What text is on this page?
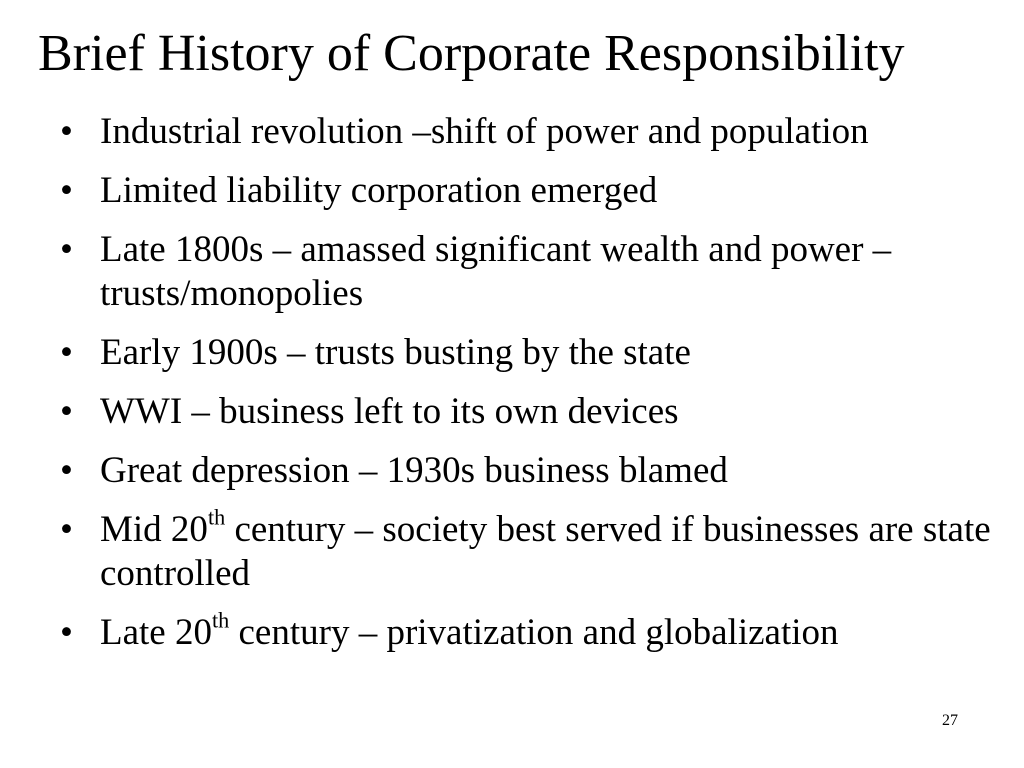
Brief History of Corporate Responsibility
• Industrial revolution –shift of power and population
• Limited liability corporation emerged
• Late 1800s – amassed significant wealth and power – trusts/monopolies
• Early 1900s – trusts busting by the state
• WWI – business left to its own devices
• Great depression – 1930s business blamed
• Mid 20th century – society best served if businesses are state controlled
• Late 20th century – privatization and globalization
27
